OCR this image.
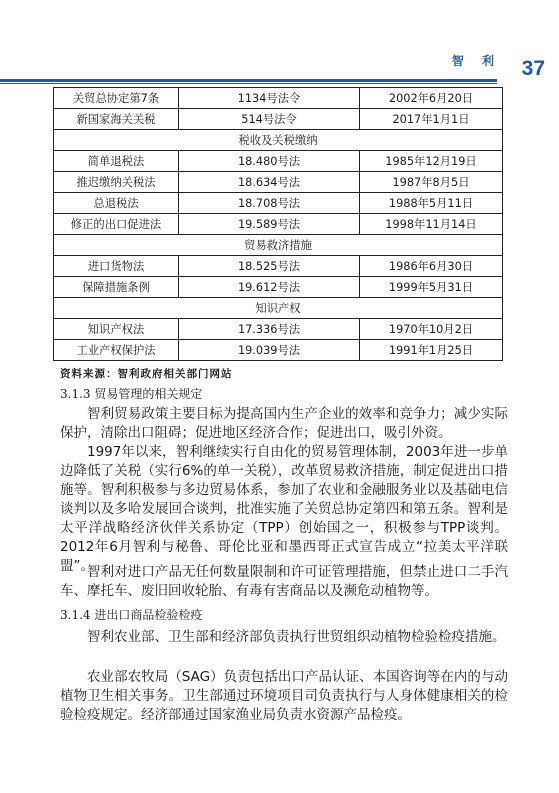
智 利 37
关贸总协定第7条	1134号法令	2002年6月20日
新国家海关关税	514号法令	2017年1月1日
税收及关税缴纳		
简单退税法	18.480号法	1985年12月19日
推迟缴纳关税法	18.634号法	1987年8月5日
总退税法	18.708号法	1988年5月11日
修正的出口促进法	19.589号法	1998年11月14日
贸易救济措施		
进口货物法	18.525号法	1986年6月30日
保障措施条例	19.612号法	1999年5月31日
知识产权		
知识产权法	17.336号法	1970年10月2日
工业产权保护法	19.039号法	1991年1月25日
资料来源：智利政府相关部门网站
3.1.3 贸易管理的相关规定

智利贸易政策主要目标为提高国内生产企业的效率和竞争力；减少实际保护，清除出口阻碍；促进地区经济合作；促进出口，吸引外资。

1997年以来，智利继续实行自由化的贸易管理体制，2003年进一步单边降低了关税（实行6%的单一关税），改革贸易救济措施，制定促进出口措施等。智利积极参与多边贸易体系，参加了农业和金融服务业以及基础电信谈判以及多哈发展回合谈判，批准实施了关贸总协定第四和第五条。智利是太平洋战略经济伙伴关系协定（TPP）创始国之一，积极参与TPP谈判。2012年6月智利与秘鲁、哥伦比亚和墨西哥正式宣告成立“拉美太平洋联盟”。

智利对进口产品无任何数量限制和许可证管理措施，但禁止进口二手汽车、摩托车、废旧回收轮胎、有毒有害商品以及濒危动植物等。

3.1.4 进出口商品检验检疫

智利农业部、卫生部和经济部负责执行世贸组织动植物检验检疫措施。

农业部农牧局（SAG）负责包括出口产品认证、本国咨询等在内的与动植物卫生相关事务。卫生部通过环境项目司负责执行与人身体健康相关的检验检疫规定。经济部通过国家渔业局负责水资源产品检疫。
